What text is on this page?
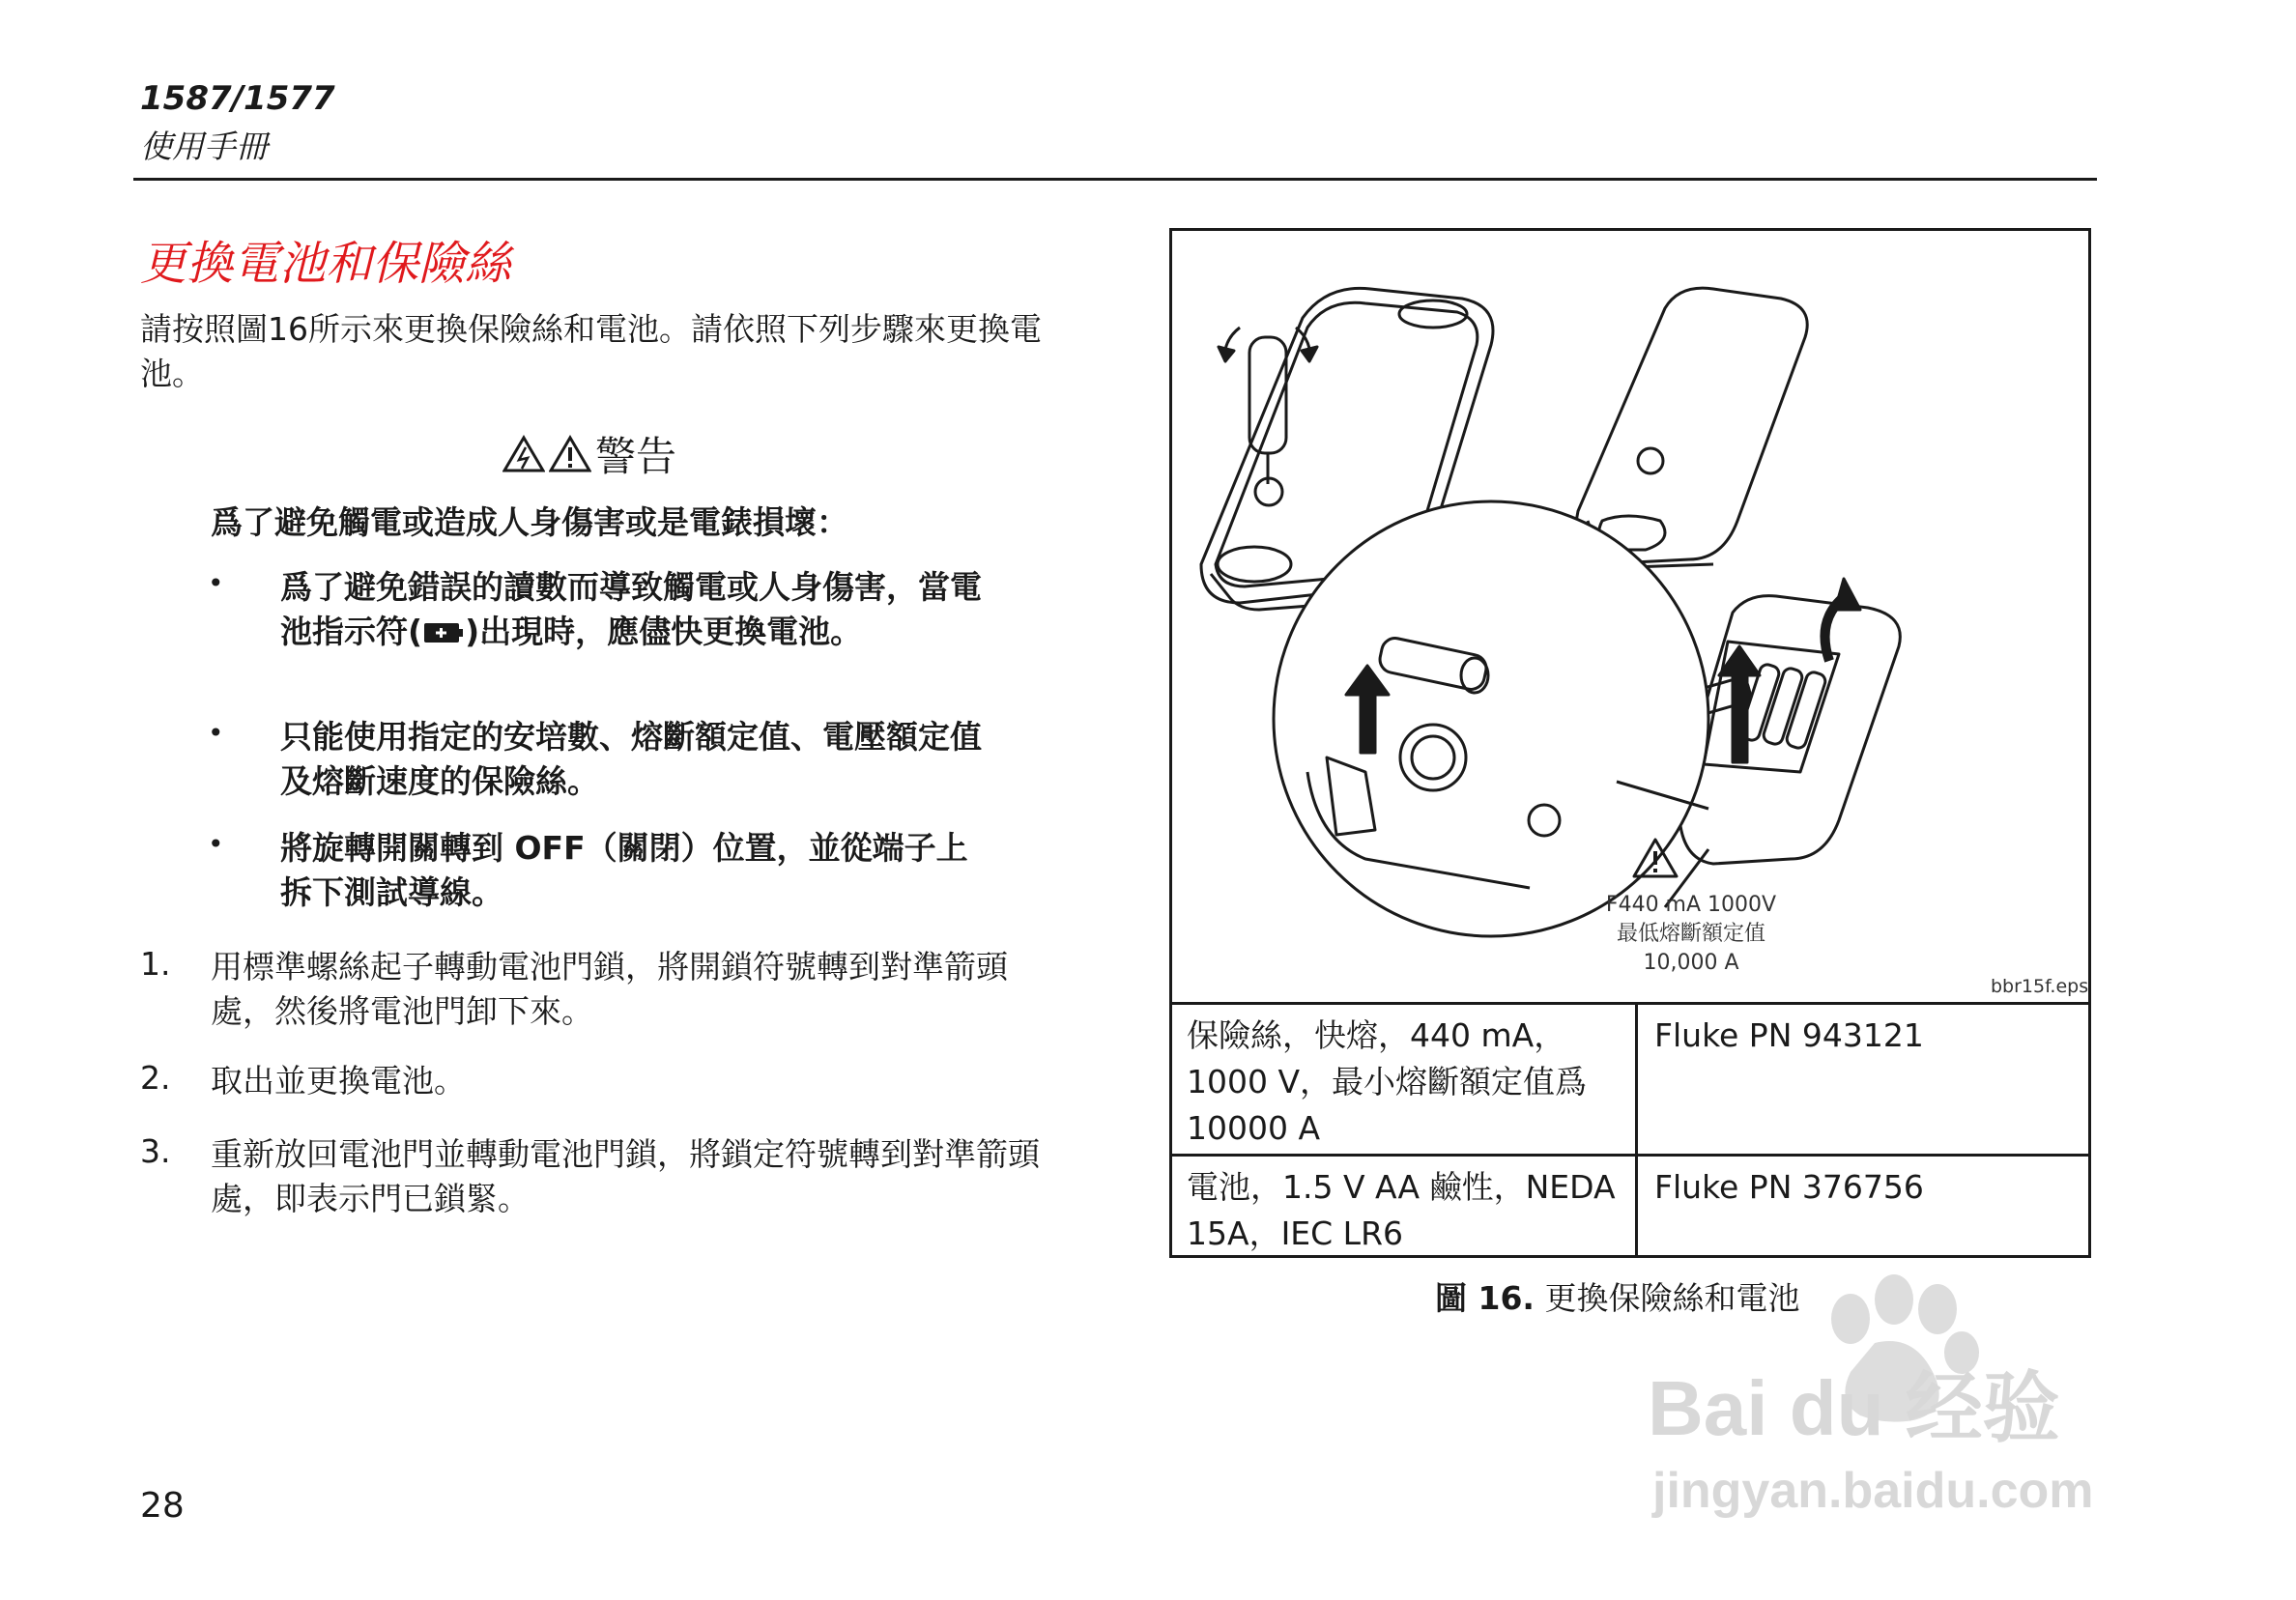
1587/1577
使用手冊
更換電池和保險絲
請按照圖16所示來更換保險絲和電池。請依照下列步驟來更換電池。
警告
爲了避免觸電或造成人身傷害或是電錶損壞：
• 爲了避免錯誤的讀數而導致觸電或人身傷害，當電池指示符( )出現時，應儘快更換電池。
• 只能使用指定的安培數、熔斷額定值、電壓額定值及熔斷速度的保險絲。
• 將旋轉開關轉到 OFF（關閉）位置，並從端子上拆下測試導線。
1. 用標準螺絲起子轉動電池門鎖，將開鎖符號轉到對準箭頭處，然後將電池門卸下來。
2. 取出並更換電池。
3. 重新放回電池門並轉動電池門鎖，將鎖定符號轉到對準箭頭處，即表示門已鎖緊。
28
F440 mA 1000V
最低熔斷額定值
10,000 A
bbr15f.eps
保險絲，快熔，440 mA，1000 V，最小熔斷額定值爲10000 A
Fluke PN 943121
電池，1.5 V AA 鹼性，NEDA 15A，IEC LR6
Fluke PN 376756
圖 16. 更換保險絲和電池
Bai du 经验
jingyan.baidu.com
